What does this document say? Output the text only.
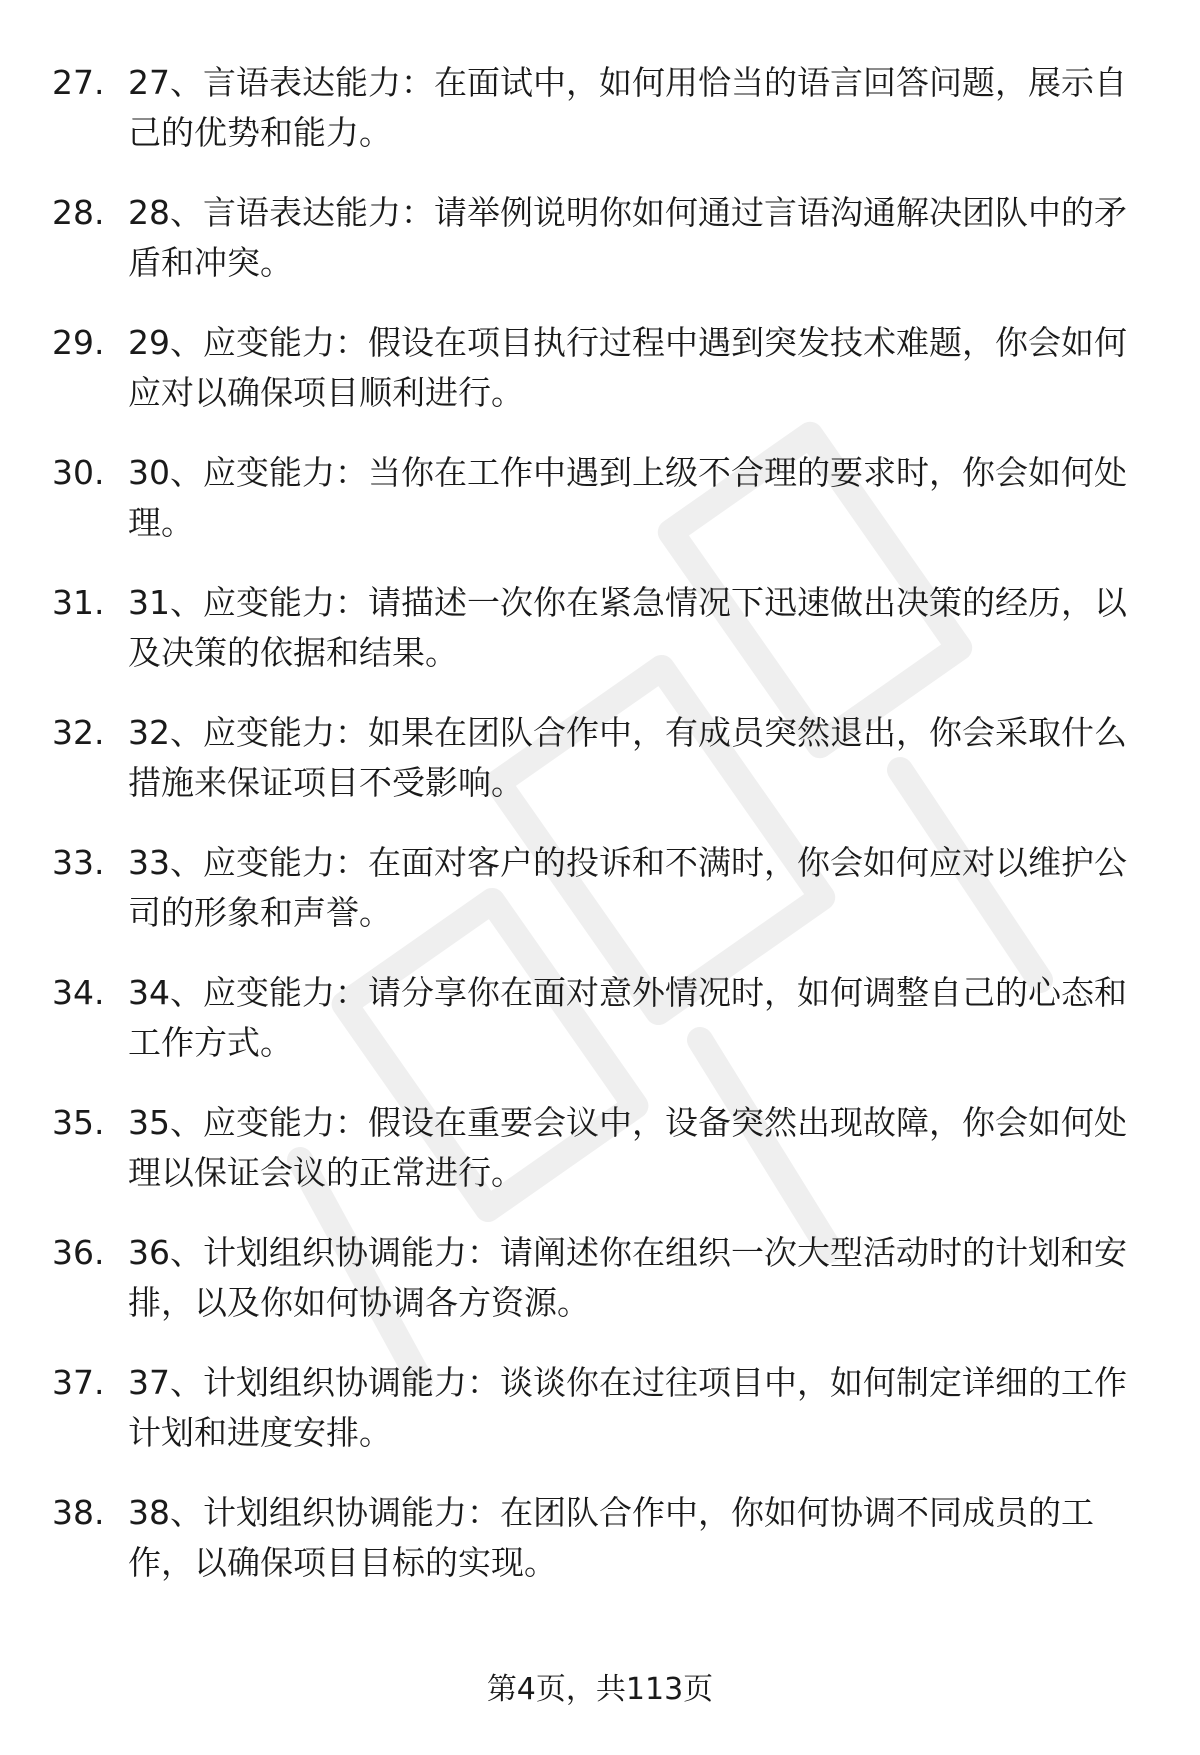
27. 27、言语表达能力：在面试中，如何用恰当的语言回答问题，展示自己的优势和能力。
28. 28、言语表达能力：请举例说明你如何通过言语沟通解决团队中的矛盾和冲突。
29. 29、应变能力：假设在项目执行过程中遇到突发技术难题，你会如何应对以确保项目顺利进行。
30. 30、应变能力：当你在工作中遇到上级不合理的要求时，你会如何处理。
31. 31、应变能力：请描述一次你在紧急情况下迅速做出决策的经历，以及决策的依据和结果。
32. 32、应变能力：如果在团队合作中，有成员突然退出，你会采取什么措施来保证项目不受影响。
33. 33、应变能力：在面对客户的投诉和不满时，你会如何应对以维护公司的形象和声誉。
34. 34、应变能力：请分享你在面对意外情况时，如何调整自己的心态和工作方式。
35. 35、应变能力：假设在重要会议中，设备突然出现故障，你会如何处理以保证会议的正常进行。
36. 36、计划组织协调能力：请阐述你在组织一次大型活动时的计划和安排，以及你如何协调各方资源。
37. 37、计划组织协调能力：谈谈你在过往项目中，如何制定详细的工作计划和进度安排。
38. 38、计划组织协调能力：在团队合作中，你如何协调不同成员的工作，以确保项目目标的实现。
第4页，共113页
